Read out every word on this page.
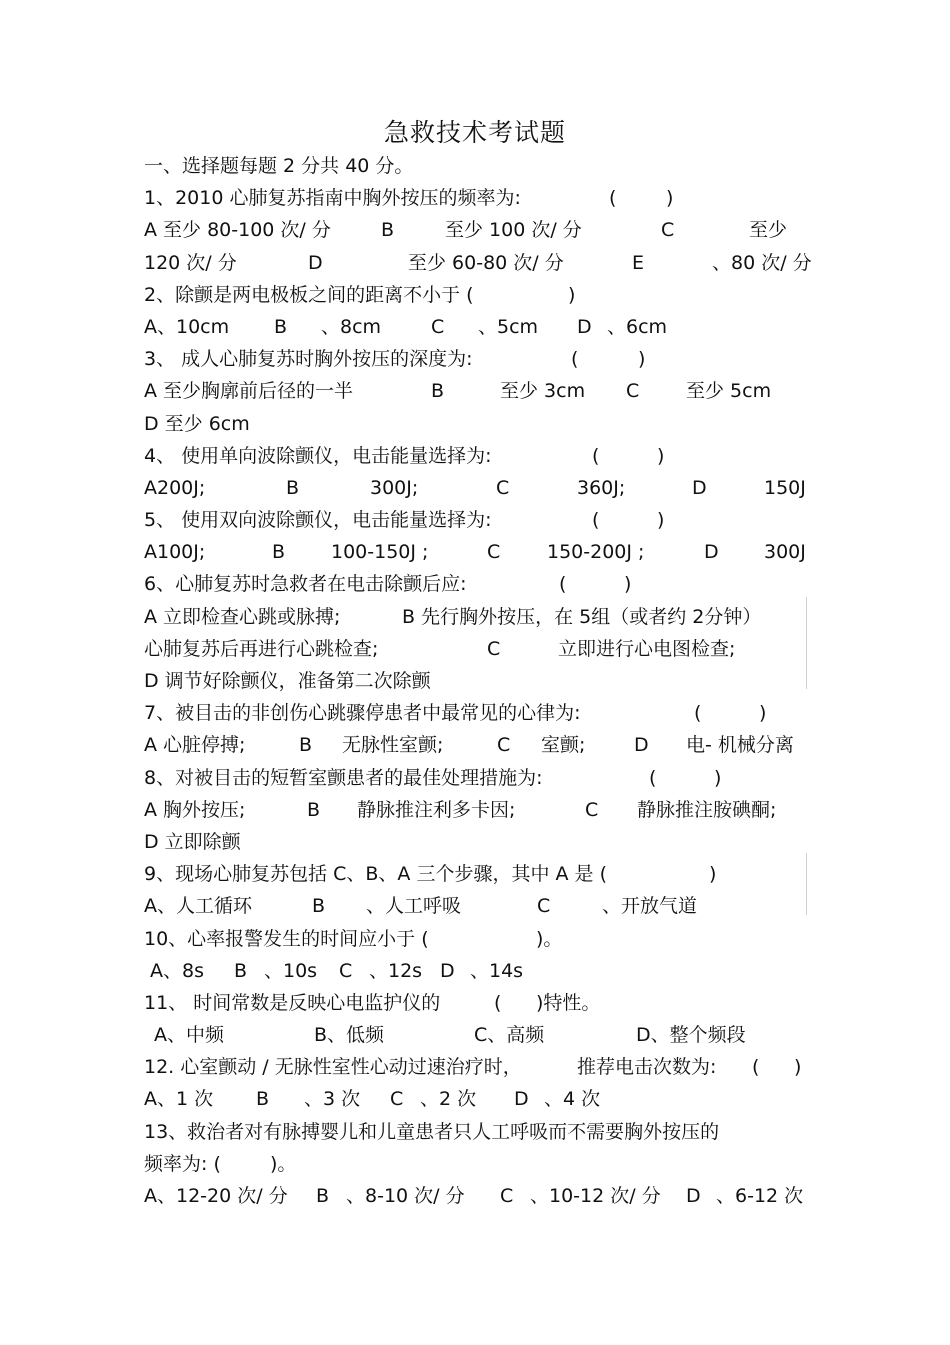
急救技术考试题
一、选择题每题 2 分共 40 分。
1、2010 心肺复苏指南中胸外按压的频率为:	(	)
A 至少 80-100 次/ 分	B	至少 100 次/ 分	C	至少
120 次/ 分	D	至少 60-80 次/ 分	E	、80 次/ 分
2、除颤是两电极板之间的距离不小于 (	)
A、10cm B 、8cm	C 、5cm D 、6cm
3、 成人心肺复苏时胸外按压的深度为:	(	)
A 至少胸廓前后径的一半	B	至少 3cm C 至少 5cm
D 至少 6cm
4、 使用单向波除颤仪，电击能量选择为:	(	)
A200J;	B	300J;	C	360J;	D	150J
5、 使用双向波除颤仪，电击能量选择为:	(	)
A100J;	B 100-150J ;	C 150-200J ;	D 300J
6、心肺复苏时急救者在电击除颤后应:	(	)
A 立即检查心跳或脉搏;	B 先行胸外按压，在 5组（或者约 2分钟）
心肺复苏后再进行心跳检查;	C	立即进行心电图检查;
D 调节好除颤仪，准备第二次除颤
7、被目击的非创伤心跳骤停患者中最常见的心律为:	(	)
A 心脏停搏;	B 无脉性室颤;	C 室颤;	D 电- 机械分离
8、对被目击的短暂室颤患者的最佳处理措施为:	(	)
A 胸外按压;	B 静脉推注利多卡因;	C 静脉推注胺碘酮;
D 立即除颤
9、现场心肺复苏包括 C、B、A 三个步骤，其中 A 是 (	)
A、人工循环	B 、人工呼吸	C	、开放气道
10、心率报警发生的时间应小于 (	)。
A、8s B 、10s C 、12s D 、14s
11、 时间常数是反映心电监护仪的	( )特性。
A、中频	B、低频	C、高频	D、整个频段
12. 心室颤动 / 无脉性室性心动过速治疗时，	推荐电击次数为: ( )
A、1 次 B 、3 次 C 、2 次 D 、4 次
13、救治者对有脉搏婴儿和儿童患者只人工呼吸而不需要胸外按压的
频率为: (	)。
A、12-20 次/ 分 B 、8-10 次/ 分 C 、10-12 次/ 分 D 、6-12 次
